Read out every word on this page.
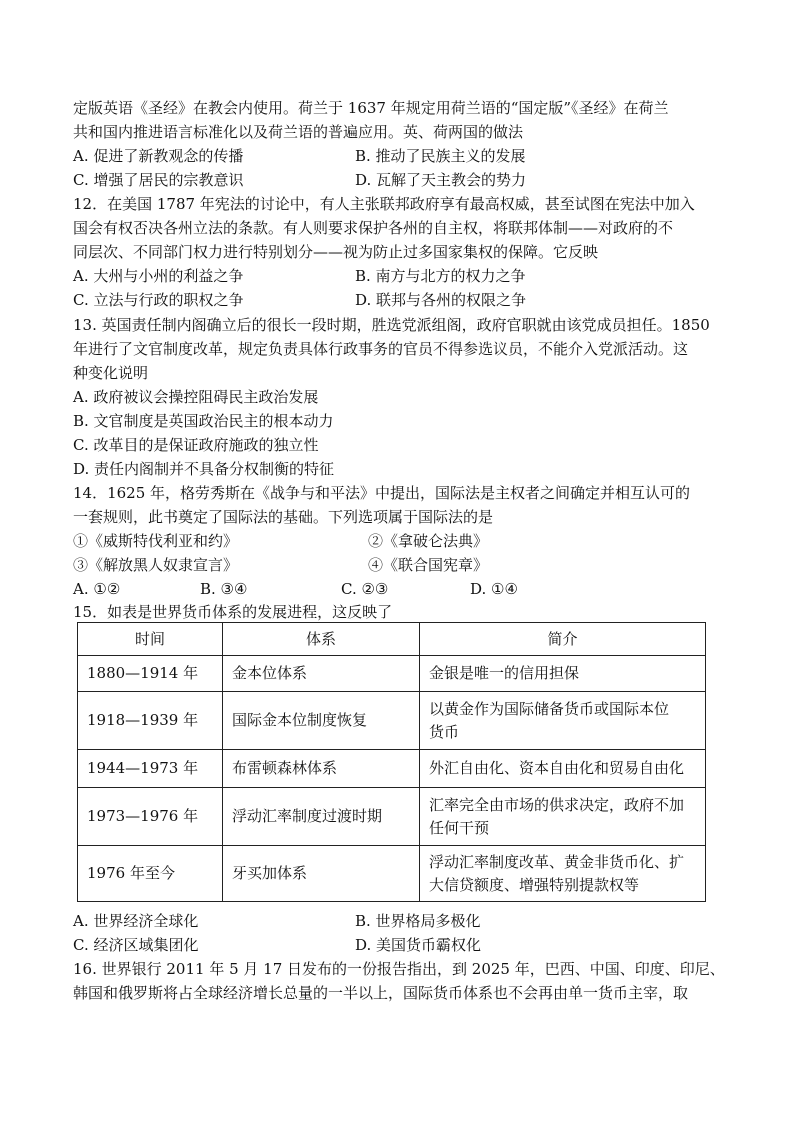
定版英语《圣经》在教会内使用。荷兰于 1637 年规定用荷兰语的“国定版”《圣经》在荷兰
共和国内推进语言标准化以及荷兰语的普遍应用。英、荷两国的做法
A. 促进了新教观念的传播	B. 推动了民族主义的发展
C. 增强了居民的宗教意识	D. 瓦解了天主教会的势力
12．在美国 1787 年宪法的讨论中，有人主张联邦政府享有最高权威，甚至试图在宪法中加入
国会有权否决各州立法的条款。有人则要求保护各州的自主权，将联邦体制——对政府的不
同层次、不同部门权力进行特别划分——视为防止过多国家集权的保障。它反映
A. 大州与小州的利益之争	B. 南方与北方的权力之争
C. 立法与行政的职权之争	D. 联邦与各州的权限之争
13. 英国责任制内阁确立后的很长一段时期，胜选党派组阁，政府官职就由该党成员担任。1850
年进行了文官制度改革，规定负责具体行政事务的官员不得参选议员，不能介入党派活动。这
种变化说明
A. 政府被议会操控阻碍民主政治发展
B. 文官制度是英国政治民主的根本动力
C. 改革目的是保证政府施政的独立性
D. 责任内阁制并不具备分权制衡的特征
14．1625 年，格劳秀斯在《战争与和平法》中提出，国际法是主权者之间确定并相互认可的
一套规则，此书奠定了国际法的基础。下列选项属于国际法的是
①《威斯特伐利亚和约》	②《拿破仑法典》
③《解放黑人奴隶宣言》	④《联合国宪章》
A. ①②	B. ③④	C. ②③	D. ①④
15．如表是世界货币体系的发展进程，这反映了
时间	体系	简介
1880—1914 年	金本位体系	金银是唯一的信用担保
1918—1939 年	国际金本位制度恢复	以黄金作为国际储备货币或国际本位
货币
1944—1973 年	布雷顿森林体系	外汇自由化、资本自由化和贸易自由化
1973—1976 年	浮动汇率制度过渡时期	汇率完全由市场的供求决定，政府不加
任何干预
1976 年至今	牙买加体系	浮动汇率制度改革、黄金非货币化、扩
大信贷额度、增强特别提款权等
A. 世界经济全球化	B. 世界格局多极化
C. 经济区域集团化	D. 美国货币霸权化
16. 世界银行 2011 年 5 月 17 日发布的一份报告指出，到 2025 年，巴西、中国、印度、印尼、
韩国和俄罗斯将占全球经济增长总量的一半以上，国际货币体系也不会再由单一货币主宰，取
